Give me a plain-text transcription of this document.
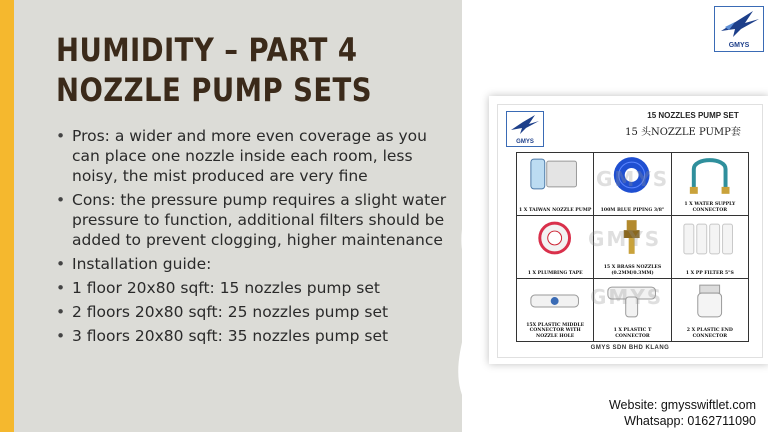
HUMIDITY – PART 4
NOZZLE PUMP SETS
• Pros: a wider and more even coverage as you can place one nozzle inside each room, less noisy, the mist produced are very fine
• Cons: the pressure pump requires a slight water pressure to function, additional filters should be added to prevent clogging, higher maintenance
• Installation guide:
• 1 floor 20x80 sqft: 15 nozzles pump set
• 2 floors 20x80 sqft: 25 nozzles pump set
• 3 floors 20x80 sqft: 35 nozzles pump set
GMYS
GMYS
15 NOZZLES PUMP SET
15 头NOZZLE PUMP套
1 X TAIWAN NOZZLE PUMP	100M BLUE PIPING 3/8"
1 X WATER SUPPLY CONNECTOR
1 X PLUMBING TAPE
15 X BRASS NOZZLES (0.2MM/0.3MM)	1 X PP FILTER 5"S
15X PLASTIC MIDDLE CONNECTOR WITH NOZZLE HOLE
1 X PLASTIC T CONNECTOR
2 X PLASTIC END CONNECTOR
GMYS
GMYS
GMYS
GMYS SDN BHD KLANG
Website: gmysswiftlet.com
Whatsapp: 0162711090
